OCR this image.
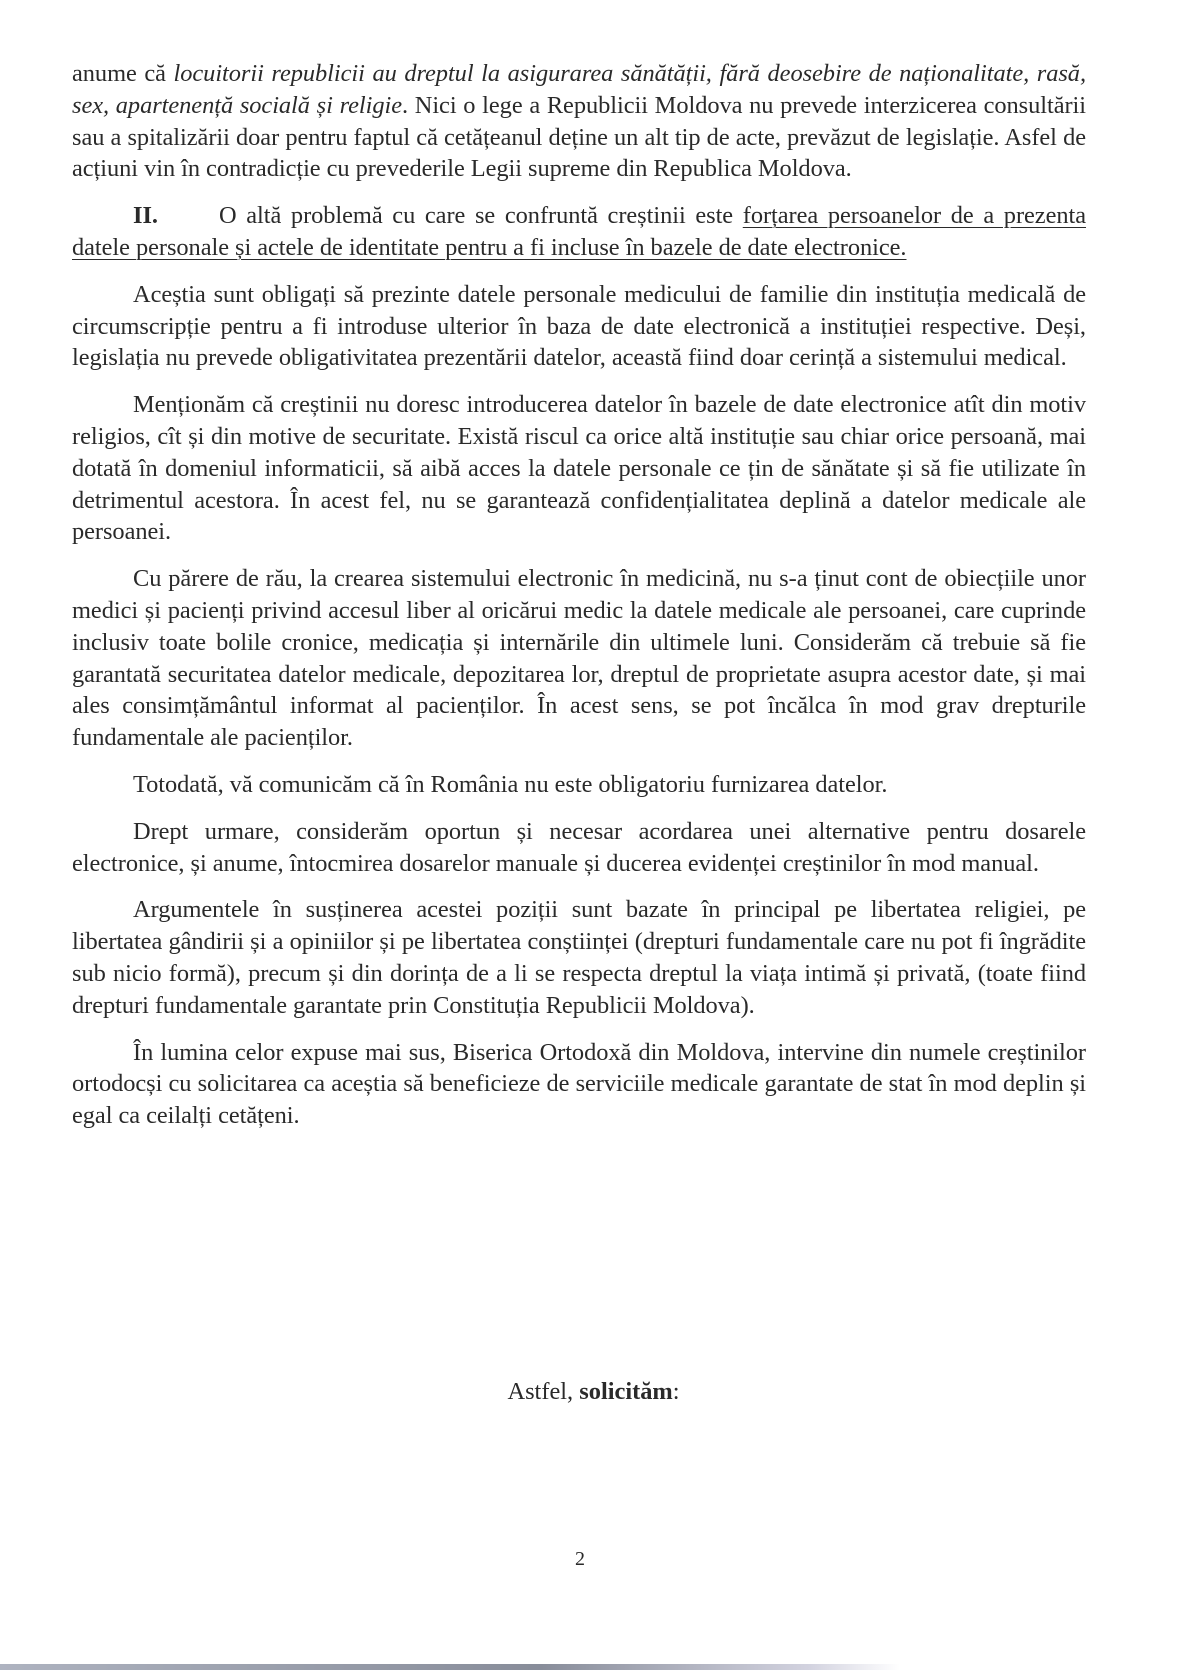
anume că locuitorii republicii au dreptul la asigurarea sănătății, fără deosebire de naționalitate, rasă, sex, apartenență socială și religie. Nici o lege a Republicii Moldova nu prevede interzicerea consultării sau a spitalizării doar pentru faptul că cetățeanul deține un alt tip de acte, prevăzut de legislație. Asfel de acțiuni vin în contradicție cu prevederile Legii supreme din Republica Moldova.

II.	O altă problemă cu care se confruntă creștinii este forțarea persoanelor de a prezenta datele personale și actele de identitate pentru a fi incluse în bazele de date electronice.

Aceștia sunt obligați să prezinte datele personale medicului de familie din instituția medicală de circumscripție pentru a fi introduse ulterior în baza de date electronică a instituției respective. Deși, legislația nu prevede obligativitatea prezentării datelor, această fiind doar cerință a sistemului medical.

Menționăm că creștinii nu doresc introducerea datelor în bazele de date electronice atît din motiv religios, cît și din motive de securitate. Există riscul ca orice altă instituție sau chiar orice persoană, mai dotată în domeniul informaticii, să aibă acces la datele personale ce țin de sănătate și să fie utilizate în detrimentul acestora. În acest fel, nu se garantează confidențialitatea deplină a datelor medicale ale persoanei.

Cu părere de rău, la crearea sistemului electronic în medicină, nu s-a ținut cont de obiecțiile unor medici și pacienți privind accesul liber al oricărui medic la datele medicale ale persoanei, care cuprinde inclusiv toate bolile cronice, medicația și internările din ultimele luni. Considerăm că trebuie să fie garantată securitatea datelor medicale, depozitarea lor, dreptul de proprietate asupra acestor date, și mai ales consimțământul informat al pacienților. În acest sens, se pot încălca în mod grav drepturile fundamentale ale pacienților.

Totodată, vă comunicăm că în România nu este obligatoriu furnizarea datelor.

Drept urmare, considerăm oportun și necesar acordarea unei alternative pentru dosarele electronice, și anume, întocmirea dosarelor manuale și ducerea evidenței creștinilor în mod manual.

Argumentele în susținerea acestei poziții sunt bazate în principal pe libertatea religiei, pe libertatea gândirii și a opiniilor și pe libertatea conștiinței (drepturi fundamentale care nu pot fi îngrădite sub nicio formă), precum și din dorința de a li se respecta dreptul la viața intimă și privată, (toate fiind drepturi fundamentale garantate prin Constituția Republicii Moldova).

În lumina celor expuse mai sus, Biserica Ortodoxă din Moldova, intervine din numele creștinilor ortodocși cu solicitarea ca aceștia să beneficieze de serviciile medicale garantate de stat în mod deplin și egal ca ceilalți cetățeni.

Astfel, solicităm:
2
